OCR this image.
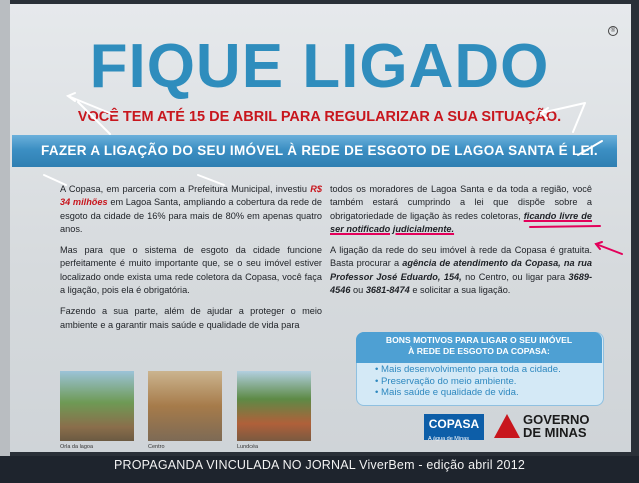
®
FIQUE LIGADO
VOCÊ TEM ATÉ 15 DE ABRIL PARA REGULARIZAR A SUA SITUAÇÃO.
FAZER A LIGAÇÃO DO SEU IMÓVEL À REDE DE ESGOTO DE LAGOA SANTA É LEI.

A Copasa, em parceria com a Prefeitura Municipal, investiu R$ 34 milhões em Lagoa Santa, ampliando a cobertura da rede de esgoto da cidade de 16% para mais de 80% em apenas quatro anos.

Mas para que o sistema de esgoto da cidade funcione perfeitamente é muito importante que, se o seu imóvel estiver localizado onde exista uma rede coletora da Copasa, você faça a ligação, pois ela é obrigatória.

Fazendo a sua parte, além de ajudar a proteger o meio ambiente e a garantir mais saúde e qualidade de vida para

todos os moradores de Lagoa Santa e da toda a região, você também estará cumprindo a lei que dispõe sobre a obrigatoriedade de ligação às redes coletoras, ficando livre de ser notificado judicialmente.

A ligação da rede do seu imóvel à rede da Copasa é gratuita. Basta procurar a agência de atendimento da Copasa, na rua Professor José Eduardo, 154, no Centro, ou ligar para 3689-4546 ou 3681-8474 e solicitar a sua ligação.

BONS MOTIVOS PARA LIGAR O SEU IMÓVEL
À REDE DE ESGOTO DA COPASA:
• Mais desenvolvimento para toda a cidade.
• Preservação do meio ambiente.
• Mais saúde e qualidade de vida.
Orla da lagoa	Centro	Lundcéa
COPASA
A água de Minas
GOVERNO
DE MINAS
PROPAGANDA VINCULADA NO JORNAL ViverBem - edição abril 2012
